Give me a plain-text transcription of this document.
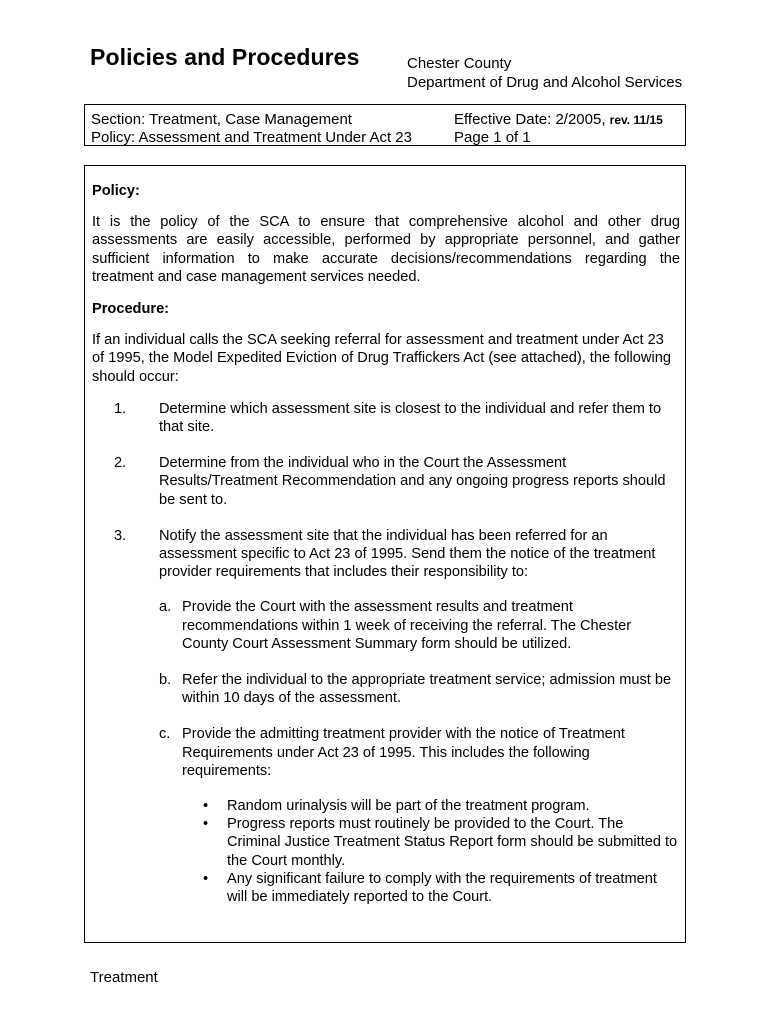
Policies and Procedures	Chester County
Department of Drug and Alcohol Services
Section: Treatment, Case Management
Policy: Assessment and Treatment Under Act 23
Effective Date: 2/2005, rev. 11/15
Page 1 of 1

Policy:

It is the policy of the SCA to ensure that comprehensive alcohol and other drug assessments are easily accessible, performed by appropriate personnel, and gather sufficient information to make accurate decisions/recommendations regarding the treatment and case management services needed.

Procedure:

If an individual calls the SCA seeking referral for assessment and treatment under Act 23 of 1995, the Model Expedited Eviction of Drug Traffickers Act (see attached), the following should occur:

1. Determine which assessment site is closest to the individual and refer them to that site.
2. Determine from the individual who in the Court the Assessment Results/Treatment Recommendation and any ongoing progress reports should be sent to.
3. Notify the assessment site that the individual has been referred for an assessment specific to Act 23 of 1995. Send them the notice of the treatment provider requirements that includes their responsibility to:
a. Provide the Court with the assessment results and treatment recommendations within 1 week of receiving the referral. The Chester County Court Assessment Summary form should be utilized.
b. Refer the individual to the appropriate treatment service; admission must be within 10 days of the assessment.
c. Provide the admitting treatment provider with the notice of Treatment Requirements under Act 23 of 1995. This includes the following requirements:
• Random urinalysis will be part of the treatment program.
• Progress reports must routinely be provided to the Court. The Criminal Justice Treatment Status Report form should be submitted to the Court monthly.
• Any significant failure to comply with the requirements of treatment will be immediately reported to the Court.
Treatment
